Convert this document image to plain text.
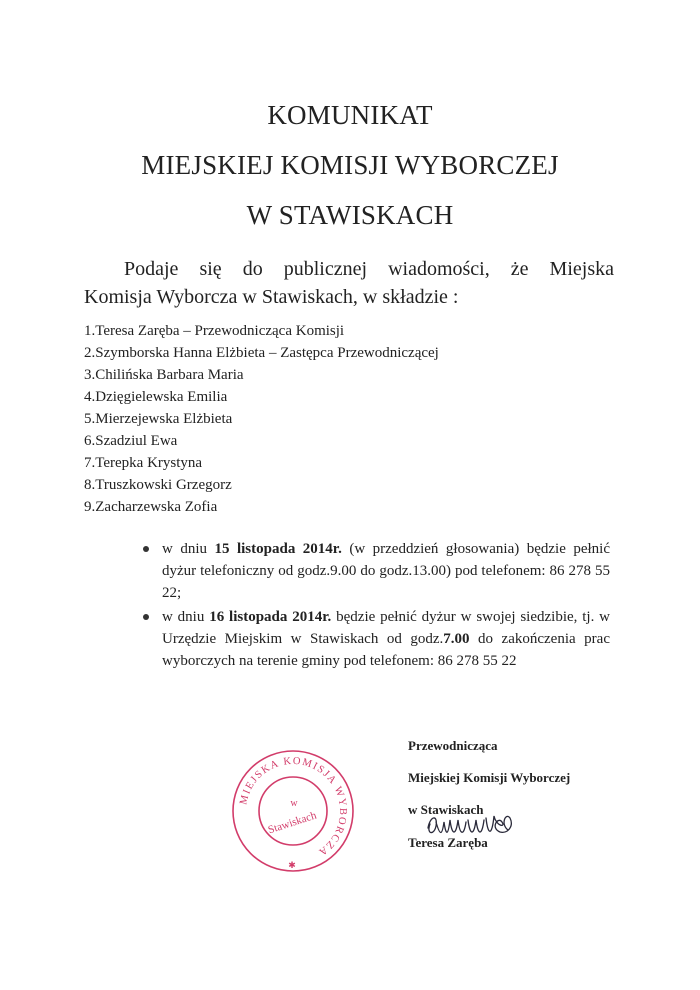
KOMUNIKAT
MIEJSKIEJ KOMISJI WYBORCZEJ
W STAWISKACH
Podaje się do publicznej wiadomości, że Miejska
Komisja Wyborcza w Stawiskach, w składzie :
1.Teresa Zaręba – Przewodnicząca Komisji
2.Szymborska Hanna Elżbieta – Zastępca Przewodniczącej
3.Chilińska Barbara Maria
4.Dzięgielewska Emilia
5.Mierzejewska Elżbieta
6.Szadziul Ewa
7.Terepka Krystyna
8.Truszkowski Grzegorz
9.Zacharzewska Zofia
w dniu 15 listopada 2014r. (w przeddzień głosowania) będzie pełnić dyżur telefoniczny od godz.9.00 do godz.13.00) pod telefonem: 86 278 55 22;
w dniu 16 listopada 2014r. będzie pełnić dyżur w swojej siedzibie, tj. w Urzędzie Miejskim w Stawiskach od godz.7.00 do zakończenia prac wyborczych na terenie gminy pod telefonem: 86 278 55 22
Przewodnicząca
Miejskiej Komisji Wyborczej
w Stawiskach
Teresa Zaręba
MIEJSKA KOMISJA WYBORCZA
w
Stawiskach
✱
